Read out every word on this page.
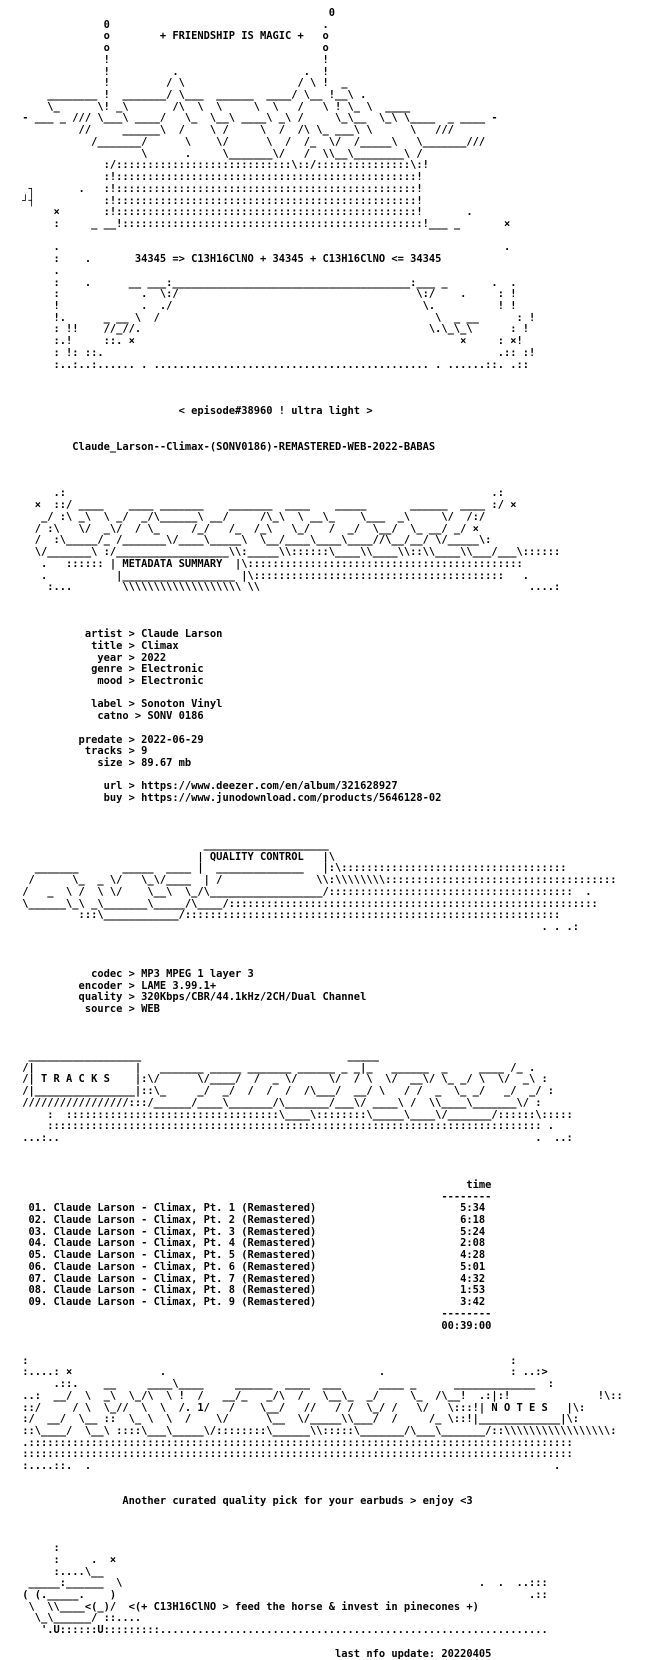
0
0                                  .
o        + FRIENDSHIP IS MAGIC +   o
o                                  o
!                                  !
!          .                    .  !
!         / \                  / \ !  _
________ !  _______/ \___  ______  ____/ \__ !__\ .
\_      \! _\       /\  \  \     \  \   /   \ ! \_ \  ____
- ___ _ /// \___\ ____/   \_  \__\ ____\ _\ /     \_\__  \_\ \____  _ ____ -
//     ______\  /    \ /     \  /  /\ \_ ___\ \      \   ///
/_______/      \    \/      \  /  /_  \/  /_____\   \_______///
\      .     \_______\/   /  \\__\________\ /
:/::::::::::::::::::::::::::::\::/:::::::::::::::\:!
:!::::::::::::::::::::::::::::::::::::::::::::::::!
┐       .   :!::::::::::::::::::::::::::::::::::::::::::::::::!
┘┤           :!::::::::::::::::::::::::::::::::::::::::::::::::!
×       :!::::::::::::::::::::::::::::::::::::::::::::::::!       .
:     _ __!::::::::::::::::::::::::::::::::::::::::::::::::!___ _       ×
.                                                                       .
:    .       34345 => C13H16ClNO + 34345 + C13H16ClNO <= 34345
.
:    .      __ ___:______________________________________:___ _       .  .
:             .  \:/                                      \:/    .     : !
!             .  ./                                        \.          ! !
!.      _ __ \  /                                            \  _ __      : !
: !!    //_//.                                              \.\_\_\      : !
:.!     ::. ×                                                    ×     : ×!
: !: ::.                                                               .:: :!
:..:..:...... . ............................................ . ......::. .::
< episode#38960 ! ultra light >
Claude_Larson--Climax-(SONV0186)-REMASTERED-WEB-2022-BABAS
.:                                                                    .:
×  ::/ ____    ____ _______    _______  ____    _____       ______  ____ :/ ×
_/ :\ _\  \ _/  _/\______\ __/     /\_\  \ __\_    \___  _\     \/  /:/
/ :\   \/  _\/  / \_     /_/   /_  /_\   \_/   /  _/  \__/  \_ __/ _/ ×
/  :\_____/_ /_______\/____\_____\  \__/____\____\____//\__/__/ \/_____\:
\/_______\ :/__________________\\:_____\\::::::\____\\____\\::\\____\\___/___\::::::
.   :::::: | METADATA SUMMARY  |\::::::::::::::::::::::::::::::::::::::::::::
.           |__________________ |\::::::::::::::::::::::::::::::::::::::::   .
:...        \\\\\\\\\\\\\\\\\\\ \\                                           ....:
artist > Claude Larson
title > Climax
year > 2022
genre > Electronic
mood > Electronic
label > Sonoton Vinyl
catno > SONV 0186
predate > 2022-06-29
tracks > 9
size > 89.67 mb
url > https://www.deezer.com/en/album/321628927
buy > https://www.junodownload.com/products/5646128-02
____________________
| QUALITY CONTROL   |\
_______       _____  ____ |  ______________   |:\::::::::::::::::::::::::::::::::::::
/      \_  _ \/   \_\/____  | /               \\:\\\\\\\\:::::::::::::::::::::::::::::::::::::
/   _  \ /  \ \/    \__\  \_/\__________________/:::::::::::::::::::::::::::::::::::::::  .
\______\_\ _\_______\_____/\____/:::::::::::::::::::::::::::::::::::::::::::::::::::::::::::
:::\____________/::::::::::::::::::::::::::::::::::::::::::::::::::::::::::::
. . .:
codec > MP3 MPEG 1 layer 3
encoder > LAME 3.99.1+
quality > 320Kbps/CBR/44.1kHz/2CH/Dual Channel
source > WEB
__________________                                 _____
/|                |   _______ _____ _______ ______ _ _|_   ______  _     ____ /_ .
/| T R A C K S    |:\/      \/____/  /  _ \/     \/  / \  \/  __\/ \_ _/ \  \/  _\ :
/|________________|::\_     _/  _/  /  /  /  /\___/  __/ \   / /  _  \_ _/   _/  _/ :
/////////////////:::/______/____\_______/\_______/___\/ ____\ /  \\____\_______\/ :
:  ::::::::::::::::::::::::::::::::::\____\::::::::\_____\____\/_______/::::::\:::::
::::::::::::::::::::::::::::::::::::::::::::::::::::::::::::::::::::::::::::::: .
...:..                                                                            .  ..:
time
--------
01. Claude Larson - Climax, Pt. 1 (Remastered)                       5:34
02. Claude Larson - Climax, Pt. 2 (Remastered)                       6:18
03. Claude Larson - Climax, Pt. 3 (Remastered)                       5:24
04. Claude Larson - Climax, Pt. 4 (Remastered)                       2:08
05. Claude Larson - Climax, Pt. 5 (Remastered)                       4:28
06. Claude Larson - Climax, Pt. 6 (Remastered)                       5:01
07. Claude Larson - Climax, Pt. 7 (Remastered)                       4:32
08. Claude Larson - Climax, Pt. 8 (Remastered)                       1:53
09. Claude Larson - Climax, Pt. 9 (Remastered)                       3:42
--------
00:39:00
:                                                                             :
:....: ×              .                                  .                    : ..:>
.::.    __     ____\____     ______  ____  ___      ____ _      _____________  :
..:  __/  \  _\  \_/\  \ !  /   __/_   _/\  /   \__\_  _/     \_  /\__!  .:|:!              !\::
::/     / \  \_//  \  \  /. 1/   /    \__/   //   / /  \_/ /   \/   \:::!| N O T E S   |\:
:/  __/  \__ ::  \_ \  \  /    \/      \__  \/_____\\___/  /     /_ \::!|_____________|\:
::\____/  \__\ ::::\___\_____\/::::::::\______\\:::::\_______/\___\_______/::\\\\\\\\\\\\\\\\\:
.:::::::::::::::::::::::::::::::::::::::::::::::::::::::::::::::::::::::::::::::::::::::
::::::::::::::::::::::::::::::::::::::::::::::::::::::::::::::::::::::::::::::::::::::::
:....::.  .                                                                          .
Another curated quality pick for your earbuds > enjoy <3
:
:     .  ×
:....\__
_____:______  \                                                         .  .  ..:::
( (._____.    )                                                                  .::
\  \\____<(_)/  <(+ C13H16ClNO > feed the horse & invest in pinecones +)
\_\______/ ::....
'.U::::::U:::::::::..............................................................
last nfo update: 20220405
